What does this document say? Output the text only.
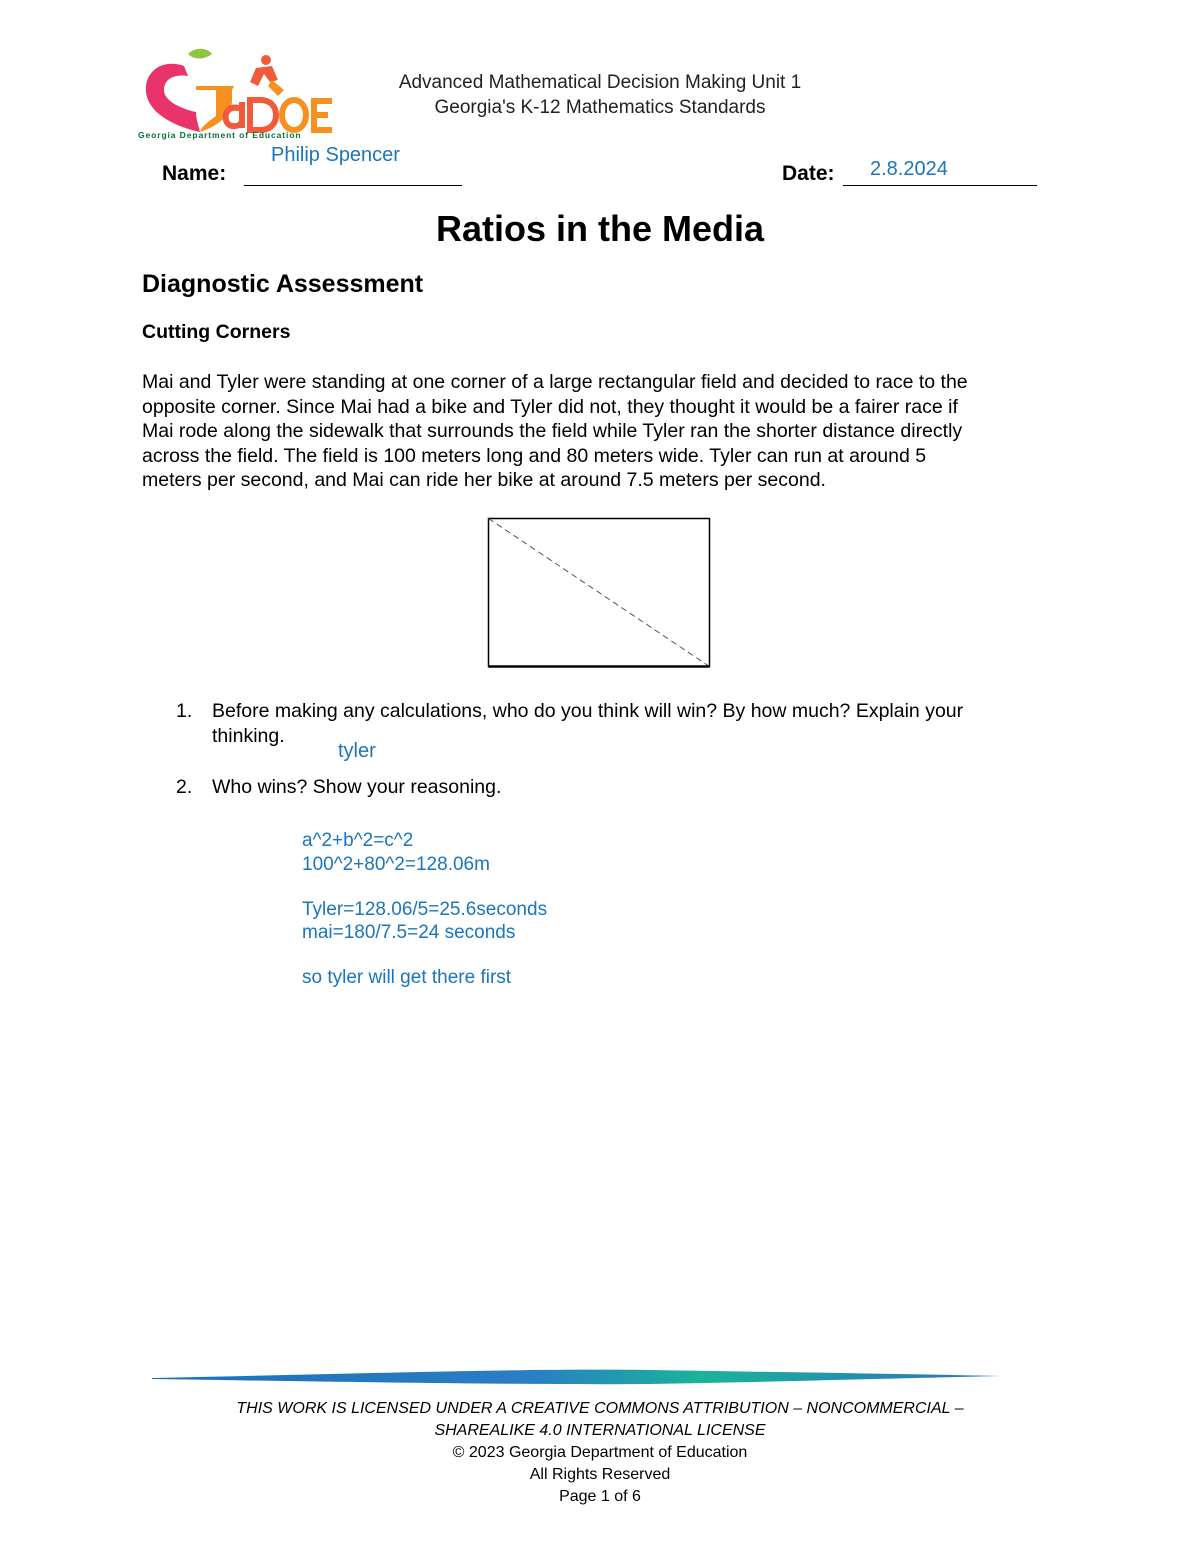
Georgia Department of Education
Advanced Mathematical Decision Making Unit 1
Georgia's K-12 Mathematics Standards
Name:
Philip Spencer
Date: 2.8.2024
Ratios in the Media
Diagnostic Assessment
Cutting Corners
Mai and Tyler were standing at one corner of a large rectangular field and decided to race to the
opposite corner. Since Mai had a bike and Tyler did not, they thought it would be a fairer race if
Mai rode along the sidewalk that surrounds the field while Tyler ran the shorter distance directly
across the field. The field is 100 meters long and 80 meters wide. Tyler can run at around 5
meters per second, and Mai can ride her bike at around 7.5 meters per second.
1. Before making any calculations, who do you think will win? By how much? Explain your
thinking.
tyler
2. Who wins? Show your reasoning.
a^2+b^2=c^2
100^2+80^2=128.06m
Tyler=128.06/5=25.6seconds
mai=180/7.5=24 seconds
so tyler will get there first
THIS WORK IS LICENSED UNDER A CREATIVE COMMONS ATTRIBUTION – NONCOMMERCIAL –
SHAREALIKE 4.0 INTERNATIONAL LICENSE
© 2023 Georgia Department of Education
All Rights Reserved
Page 1 of 6
